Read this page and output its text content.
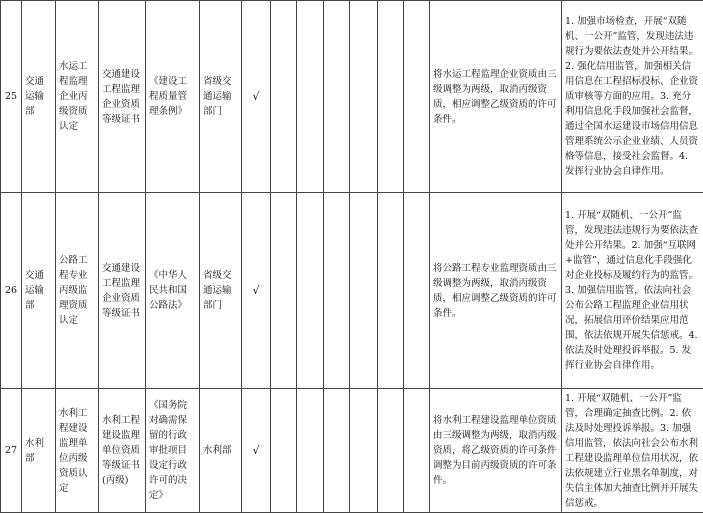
25	交通运输部	水运工程监理企业丙级资质认定	交通建设工程监理企业资质等级证书	《建设工程质量管理条例》	省级交通运输部门	√							将水运工程监理企业资质由三级调整为两级，取消丙级资质，相应调整乙级资质的许可条件。	1. 加强市场检查，开展“双随机、一公开”监管，发现违法违规行为要依法查处并公开结果。2. 强化信用监管，加强相关信用信息在工程招标投标、企业资质审核等方面的应用。3. 充分利用信息化手段加强社会监督，通过全国水运建设市场信用信息管理系统公示企业业绩、人员资格等信息，接受社会监督。4. 发挥行业协会自律作用。
26	交通运输部	公路工程专业丙级监理资质认定	交通建设工程监理企业资质等级证书	《中华人民共和国公路法》	省级交通运输部门	√							将公路工程专业监理资质由三级调整为两级，取消丙级资质，相应调整乙级资质的许可条件。	1. 开展“双随机、一公开”监管，发现违法违规行为要依法查处并公开结果。2. 加强“互联网+监管”，通过信息化手段强化对企业投标及履约行为的监管。3. 加强信用监管，依法向社会公布公路工程监理企业信用状况，拓展信用评价结果应用范围，依法依规开展失信惩戒。4. 依法及时处理投诉举报。5. 发挥行业协会自律作用。
27	水利部	水利工程建设监理单位丙级资质认定	水利工程建设监理单位资质等级证书(丙级)	《国务院对确需保留的行政审批项目设定行政许可的决定》	水利部	√							将水利工程建设监理单位资质由三级调整为两级，取消丙级资质，将乙级资质的许可条件调整为目前丙级资质的许可条件。	1. 开展“双随机、一公开”监管，合理确定抽查比例。2. 依法及时处理投诉举报。3. 加强信用监管，依法向社会公布水利工程建设监理单位信用状况，依法依规建立行业黑名单制度，对失信主体加大抽查比例并开展失信惩戒。
